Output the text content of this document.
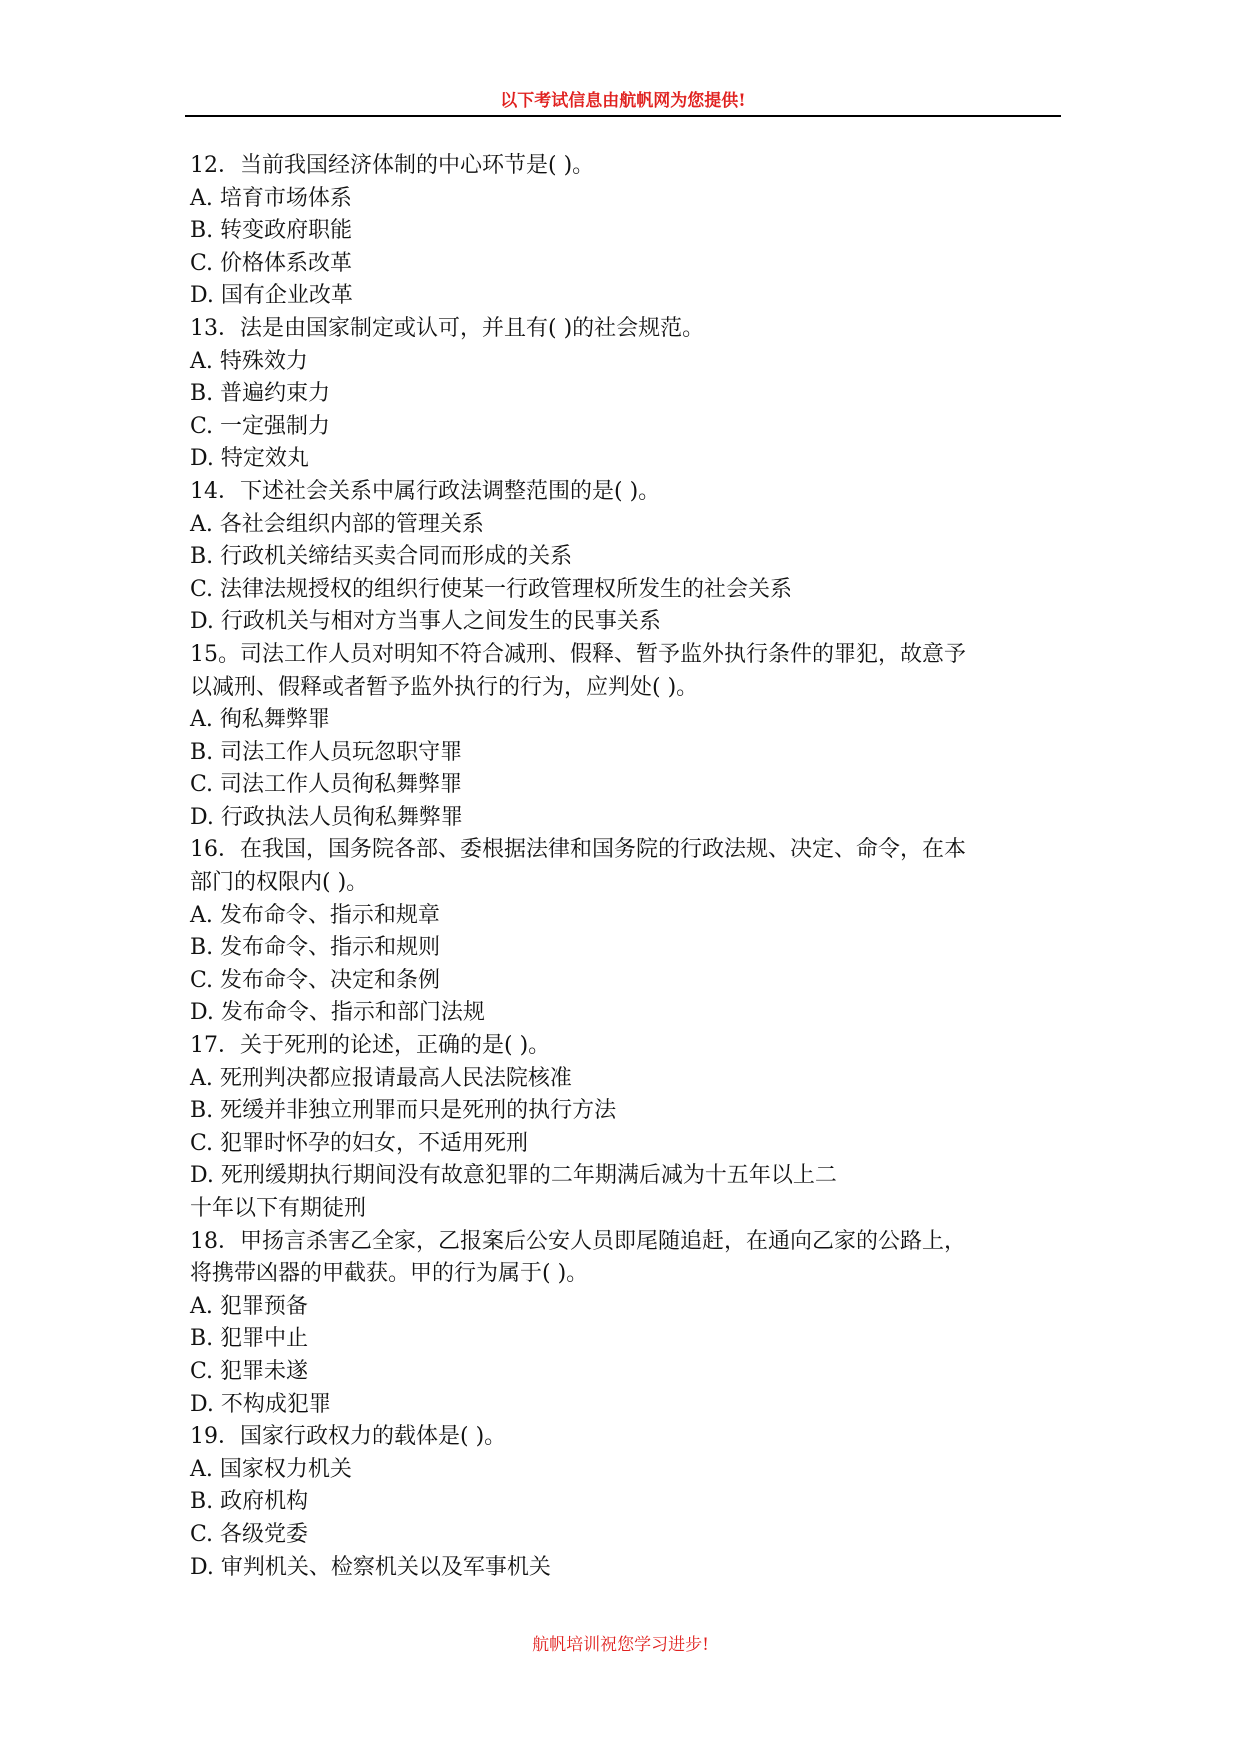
以下考试信息由航帆网为您提供!
12．当前我国经济体制的中心环节是( )。
A. 培育市场体系
B. 转变政府职能
C. 价格体系改革
D. 国有企业改革
13．法是由国家制定或认可，并且有( )的社会规范。
A. 特殊效力
B. 普遍约束力
C. 一定强制力
D. 特定效丸
14．下述社会关系中属行政法调整范围的是( )。
A. 各社会组织内部的管理关系
B. 行政机关缔结买卖合同而形成的关系
C. 法律法规授权的组织行使某一行政管理权所发生的社会关系
D. 行政机关与相对方当事人之间发生的民事关系
15。司法工作人员对明知不符合减刑、假释、暂予监外执行条件的罪犯，故意予
以减刑、假释或者暂予监外执行的行为，应判处( )。
A. 徇私舞弊罪
B. 司法工作人员玩忽职守罪
C. 司法工作人员徇私舞弊罪
D. 行政执法人员徇私舞弊罪
16．在我国，国务院各部、委根据法律和国务院的行政法规、决定、命令，在本
部门的权限内( )。
A. 发布命令、指示和规章
B. 发布命令、指示和规则
C. 发布命令、决定和条例
D. 发布命令、指示和部门法规
17．关于死刑的论述，正确的是( )。
A. 死刑判决都应报请最高人民法院核准
B. 死缓并非独立刑罪而只是死刑的执行方法
C. 犯罪时怀孕的妇女，不适用死刑
D. 死刑缓期执行期间没有故意犯罪的二年期满后减为十五年以上二
十年以下有期徒刑
18．甲扬言杀害乙全家，乙报案后公安人员即尾随追赶，在通向乙家的公路上，
将携带凶器的甲截获。甲的行为属于( )。
A. 犯罪预备
B. 犯罪中止
C. 犯罪未遂
D. 不构成犯罪
19．国家行政权力的载体是( )。
A. 国家权力机关
B. 政府机构
C. 各级党委
D. 审判机关、检察机关以及军事机关
航帆培训祝您学习进步!
